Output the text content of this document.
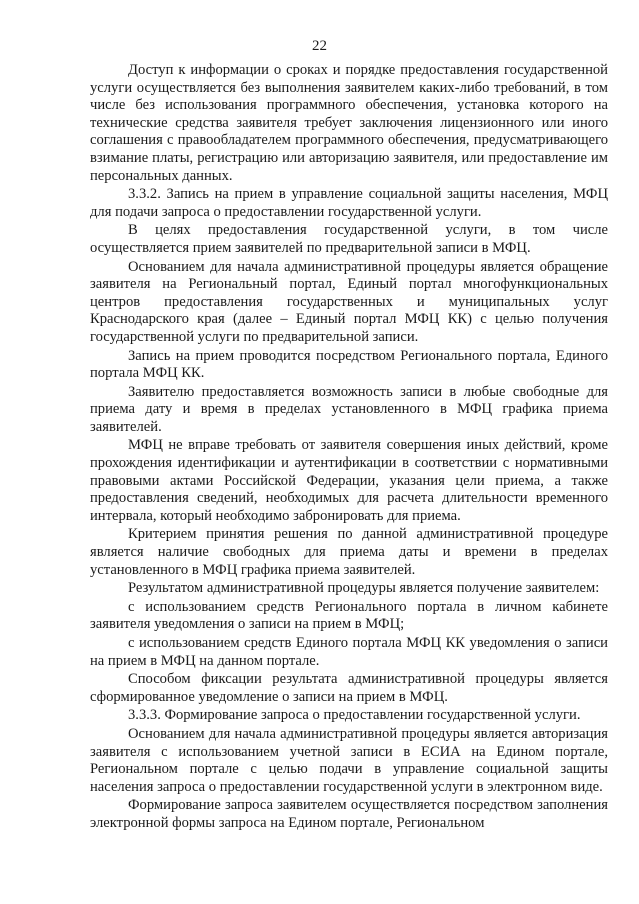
22

Доступ к информации о сроках и порядке предоставления государственной услуги осуществляется без выполнения заявителем каких-либо требований, в том числе без использования программного обеспечения, установка которого на технические средства заявителя требует заключения лицензионного или иного соглашения с правообладателем программного обеспечения, предусматривающего взимание платы, регистрацию или авторизацию заявителя, или предоставление им персональных данных.

3.3.2. Запись на прием в управление социальной защиты населения, МФЦ для подачи запроса о предоставлении государственной услуги.

В целях предоставления государственной услуги, в том числе осуществляется прием заявителей по предварительной записи в МФЦ.

Основанием для начала административной процедуры является обращение заявителя на Региональный портал, Единый портал многофункциональных центров предоставления государственных и муниципальных услуг Краснодарского края (далее – Единый портал МФЦ КК) с целью получения государственной услуги по предварительной записи.

Запись на прием проводится посредством Регионального портала, Единого портала МФЦ КК.

Заявителю предоставляется возможность записи в любые свободные для приема дату и время в пределах установленного в МФЦ графика приема заявителей.

МФЦ не вправе требовать от заявителя совершения иных действий, кроме прохождения идентификации и аутентификации в соответствии с нормативными правовыми актами Российской Федерации, указания цели приема, а также предоставления сведений, необходимых для расчета длительности временного интервала, который необходимо забронировать для приема.

Критерием принятия решения по данной административной процедуре является наличие свободных для приема даты и времени в пределах установленного в МФЦ графика приема заявителей.

Результатом административной процедуры является получение заявителем:

с использованием средств Регионального портала в личном кабинете заявителя уведомления о записи на прием в МФЦ;

с использованием средств Единого портала МФЦ КК уведомления о записи на прием в МФЦ на данном портале.

Способом фиксации результата административной процедуры является сформированное уведомление о записи на прием в МФЦ.

3.3.3. Формирование запроса о предоставлении государственной услуги.

Основанием для начала административной процедуры является авторизация заявителя с использованием учетной записи в ЕСИА на Едином портале, Региональном портале с целью подачи в управление социальной защиты населения запроса о предоставлении государственной услуги в электронном виде.

Формирование запроса заявителем осуществляется посредством заполнения электронной формы запроса на Едином портале, Региональном
